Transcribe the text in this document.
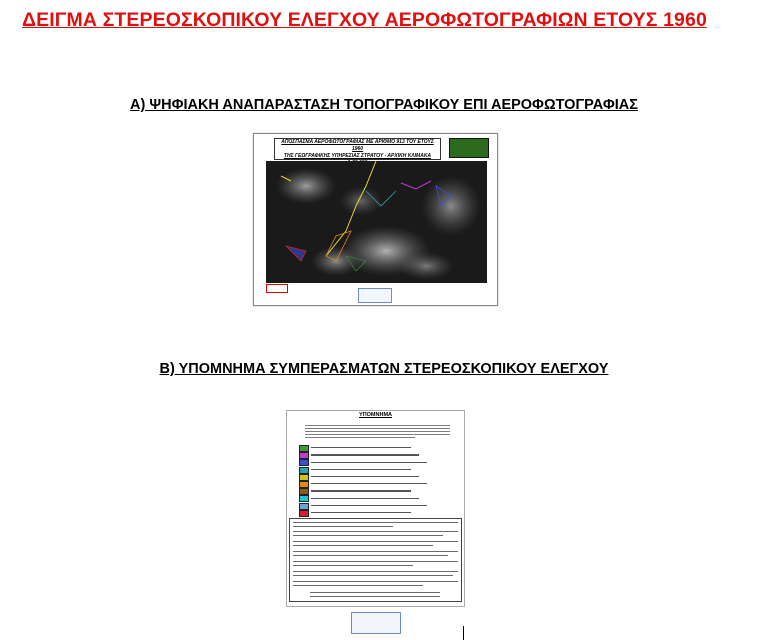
ΔΕΙΓΜΑ ΣΤΕΡΕΟΣΚΟΠΙΚΟΥ ΕΛΕΓΧΟΥ ΑΕΡΟΦΩΤΟΓΡΑΦΙΩΝ ΕΤΟΥΣ 1960
Α) ΨΗΦΙΑΚΗ ΑΝΑΠΑΡΑΣΤΑΣΗ ΤΟΠΟΓΡΑΦΙΚΟΥ ΕΠΙ ΑΕΡΟΦΩΤΟΓΡΑΦΙΑΣ
ΑΠΟΣΠΑΣΜΑ ΑΕΡΟΦΩΤΟΓΡΑΦΙΑΣ ΜΕ ΑΡΙΘΜΟ 913 ΤΟΥ ΕΤΟΥΣ 1960
ΤΗΣ ΓΕΩΓΡΑΦΙΚΗΣ ΥΠΗΡΕΣΙΑΣ ΣΤΡΑΤΟΥ - ΑΡΧΙΚΗ ΚΛΙΜΑΚΑ
Β) ΥΠΟΜΝΗΜΑ ΣΥΜΠΕΡΑΣΜΑΤΩΝ ΣΤΕΡΕΟΣΚΟΠΙΚΟΥ ΕΛΕΓΧΟΥ
ΥΠΟΜΝΗΜΑ
